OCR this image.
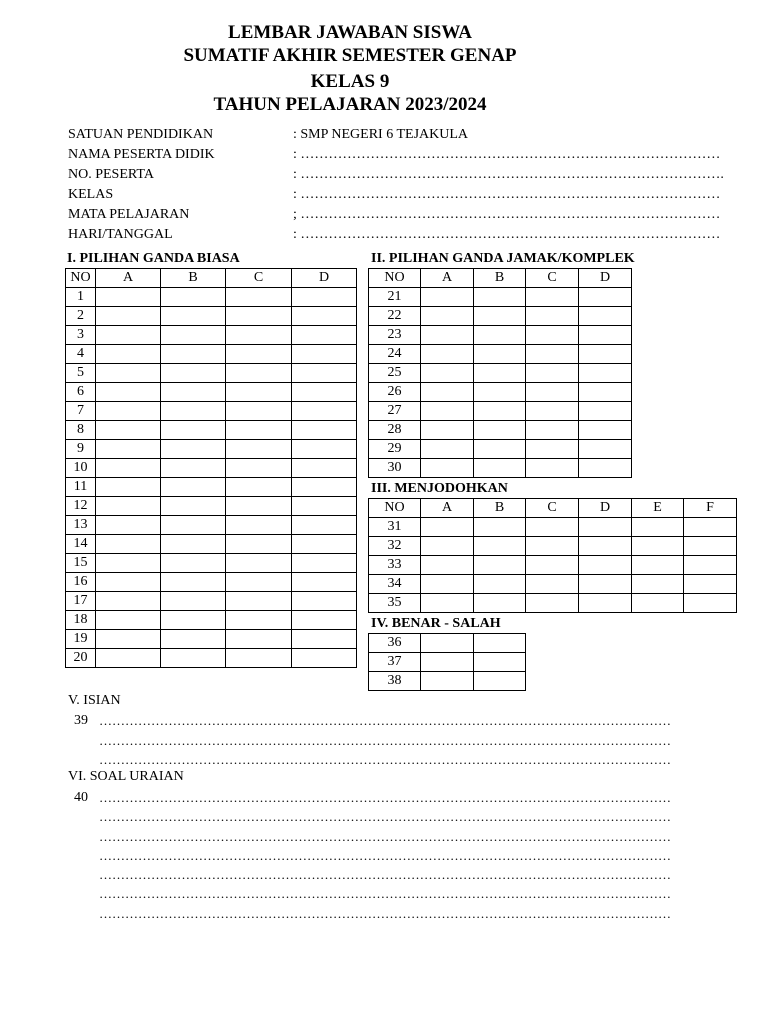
LEMBAR JAWABAN SISWA
SUMATIF AKHIR SEMESTER GENAP
KELAS 9
TAHUN PELAJARAN 2023/2024
SATUAN PENDIDIKAN	: SMP NEGERI 6 TEJAKULA
NAMA PESERTA DIDIK	: ………………………………………………………………………………
NO. PESERTA	: ……………………………………………………………………………….
KELAS	: ………………………………………………………………………………
MATA PELAJARAN	; ………………………………………………………………………………
HARI/TANGGAL	: ………………………………………………………………………………
I. PILIHAN GANDA BIASA
NO	A	B	C	D
1				
2				
3				
4				
5				
6				
7				
8				
9				
10				
11				
12				
13				
14				
15				
16				
17				
18				
19				
20				
II. PILIHAN GANDA JAMAK/KOMPLEK
NO	A	B	C	D
21				
22				
23				
24				
25				
26				
27				
28				
29				
30				
III. MENJODOHKAN
NO	A	B	C	D	E	F
31						
32						
33						
34						
35						
IV. BENAR - SALAH
36		
37		
38		
V. ISIAN
39 ……………………………………………………………………………………………………………………
……………………………………………………………………………………………………………………
……………………………………………………………………………………………………………………
VI. SOAL URAIAN
40 ……………………………………………………………………………………………………………………
……………………………………………………………………………………………………………………
……………………………………………………………………………………………………………………
……………………………………………………………………………………………………………………
……………………………………………………………………………………………………………………
……………………………………………………………………………………………………………………
……………………………………………………………………………………………………………………
